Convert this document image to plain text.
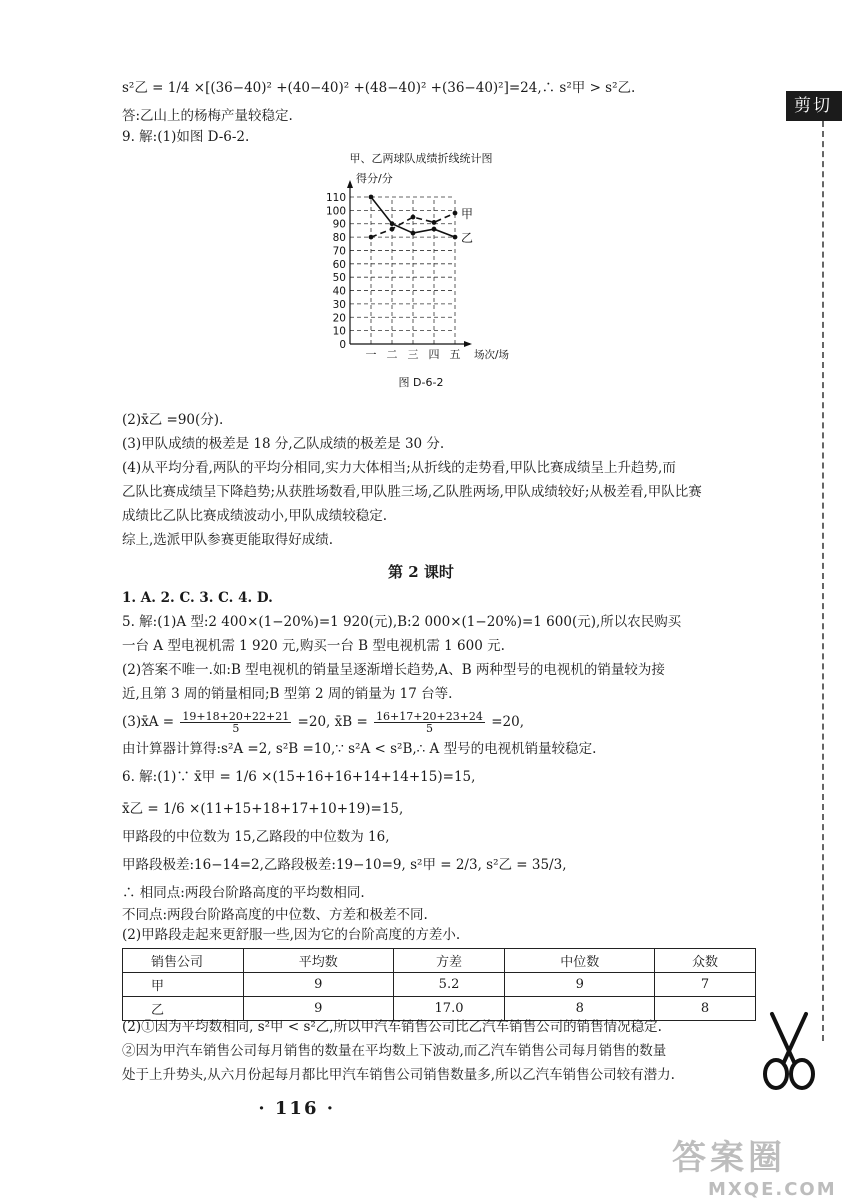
剪切
s²乙 = 1/4 ×[(36−40)² +(40−40)² +(48−40)² +(36−40)²]=24,∴ s²甲 > s²乙.
答:乙山上的杨梅产量较稳定.
9. 解:(1)如图 D-6-2.
甲、乙两球队成绩折线统计图
得分/分
0
10
20
30
40
50
60
70
80
90
100
110
一 二 三 四 五 场次/场
图 D-6-2
甲
乙
(2)x̄乙 =90(分).
(3)甲队成绩的极差是 18 分,乙队成绩的极差是 30 分.
(4)从平均分看,两队的平均分相同,实力大体相当;从折线的走势看,甲队比赛成绩呈上升趋势,而
乙队比赛成绩呈下降趋势;从获胜场数看,甲队胜三场,乙队胜两场,甲队成绩较好;从极差看,甲队比赛
成绩比乙队比赛成绩波动小,甲队成绩较稳定.
综上,选派甲队参赛更能取得好成绩.
第 2 课时
1. A. 2. C. 3. C. 4. D.
5. 解:(1)A 型:2 400×(1−20%)=1 920(元),B:2 000×(1−20%)=1 600(元),所以农民购买
一台 A 型电视机需 1 920 元,购买一台 B 型电视机需 1 600 元.
(2)答案不唯一.如:B 型电视机的销量呈逐渐增长趋势,A、B 两种型号的电视机的销量较为接
近,且第 3 周的销量相同;B 型第 2 周的销量为 17 台等.
(3)x̄A = $\frac{19+18+20+22+21}{5} =20$, x̄B = $\frac{16+17+20+23+24}{5} =20$,
由计算器计算得:s²A =2, s²B =10,∵ s²A < s²B,∴ A 型号的电视机销量较稳定.
6. 解:(1)∵ x̄甲 = 1/6 ×(15+16+16+14+14+15)=15,
x̄乙 = 1/6 ×(11+15+18+17+10+19)=15,
甲路段的中位数为 15,乙路段的中位数为 16,
甲路段极差:16−14=2,乙路段极差:19−10=9, s²甲 = 2/3, s²乙 = 35/3,
∴ 相同点:两段台阶路高度的平均数相同.
不同点:两段台阶路高度的中位数、方差和极差不同.
(2)甲路段走起来更舒服一些,因为它的台阶高度的方差小.
销售公司	平均数	方差	中位数	众数
甲	9	5.2	9	7
乙	9	17.0	8	8
(2)①因为平均数相同, s²甲 < s²乙,所以甲汽车销售公司比乙汽车销售公司的销售情况稳定.
②因为甲汽车销售公司每月销售的数量在平均数上下波动,而乙汽车销售公司每月销售的数量
处于上升势头,从六月份起每月都比甲汽车销售公司销售数量多,所以乙汽车销售公司较有潜力.
· 116 ·
答案圈
MXQE.COM
